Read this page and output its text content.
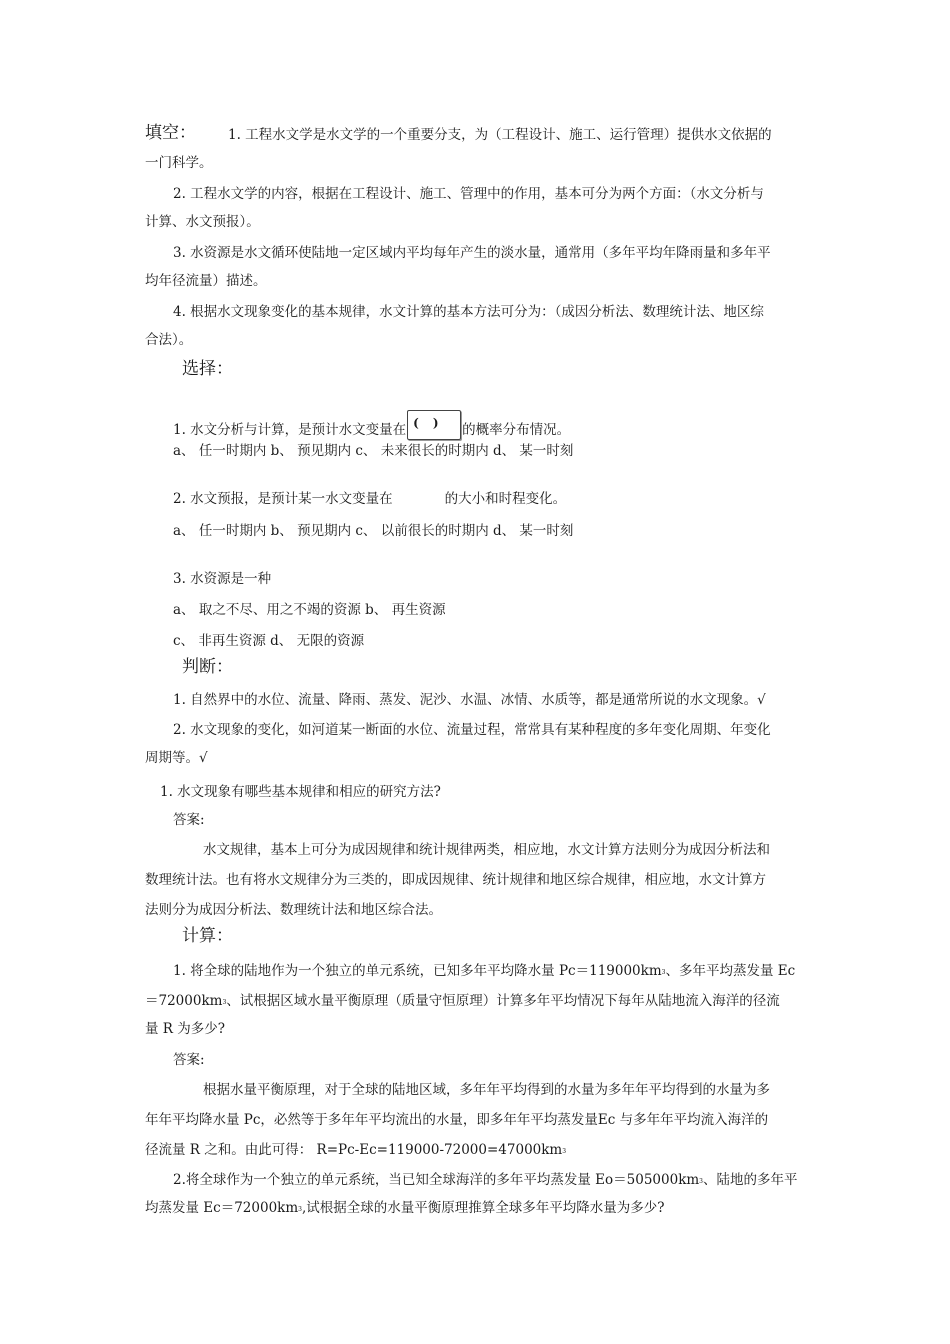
填空： 1. 工程水文学是水文学的一个重要分支，为（工程设计、施工、运行管理）提供水文依据的
一门科学。
2. 工程水文学的内容，根据在工程设计、施工、管理中的作用，基本可分为两个方面：（水文分析与
计算、水文预报）。
3. 水资源是水文循环使陆地一定区域内平均每年产生的淡水量，通常用（多年平均年降雨量和多年平
均年径流量）描述。
4. 根据水文现象变化的基本规律，水文计算的基本方法可分为：（成因分析法、数理统计法、地区综
合法）。
选择：
1. 水文分析与计算，是预计水文变量在 () 的概率分布情况。
a、 任一时期内 b、 预见期内 c、 未来很长的时期内 d、 某一时刻
2. 水文预报，是预计某一水文变量在	的大小和时程变化。
a、 任一时期内 b、 预见期内 c、 以前很长的时期内 d、 某一时刻
3. 水资源是一种
a、 取之不尽、用之不竭的资源 b、 再生资源
c、 非再生资源 d、 无限的资源
判断：
1. 自然界中的水位、流量、降雨、蒸发、泥沙、水温、冰情、水质等，都是通常所说的水文现象。√
2. 水文现象的变化，如河道某一断面的水位、流量过程，常常具有某种程度的多年变化周期、年变化
周期等。√
1. 水文现象有哪些基本规律和相应的研究方法?
答案:
水文规律，基本上可分为成因规律和统计规律两类，相应地，水文计算方法则分为成因分析法和
数理统计法。也有将水文规律分为三类的，即成因规律、统计规律和地区综合规律，相应地，水文计算方
法则分为成因分析法、数理统计法和地区综合法。
计算：
1. 将全球的陆地作为一个独立的单元系统，已知多年平均降水量 Pc＝119000km3、多年平均蒸发量 Ec
＝72000km3、试根据区域水量平衡原理（质量守恒原理）计算多年平均情况下每年从陆地流入海洋的径流
量 R 为多少?
答案:
根据水量平衡原理，对于全球的陆地区域，多年年平均得到的水量为多年年平均得到的水量为多
年年平均降水量 Pc，必然等于多年年平均流出的水量，即多年年平均蒸发量Ec 与多年年平均流入海洋的
径流量 R 之和。由此可得： R=Pc-Ec=119000-72000=47000km3
2.将全球作为一个独立的单元系统，当已知全球海洋的多年平均蒸发量 Eo＝505000km3、陆地的多年平
均蒸发量 Ec＝72000km3,试根据全球的水量平衡原理推算全球多年平均降水量为多少?
